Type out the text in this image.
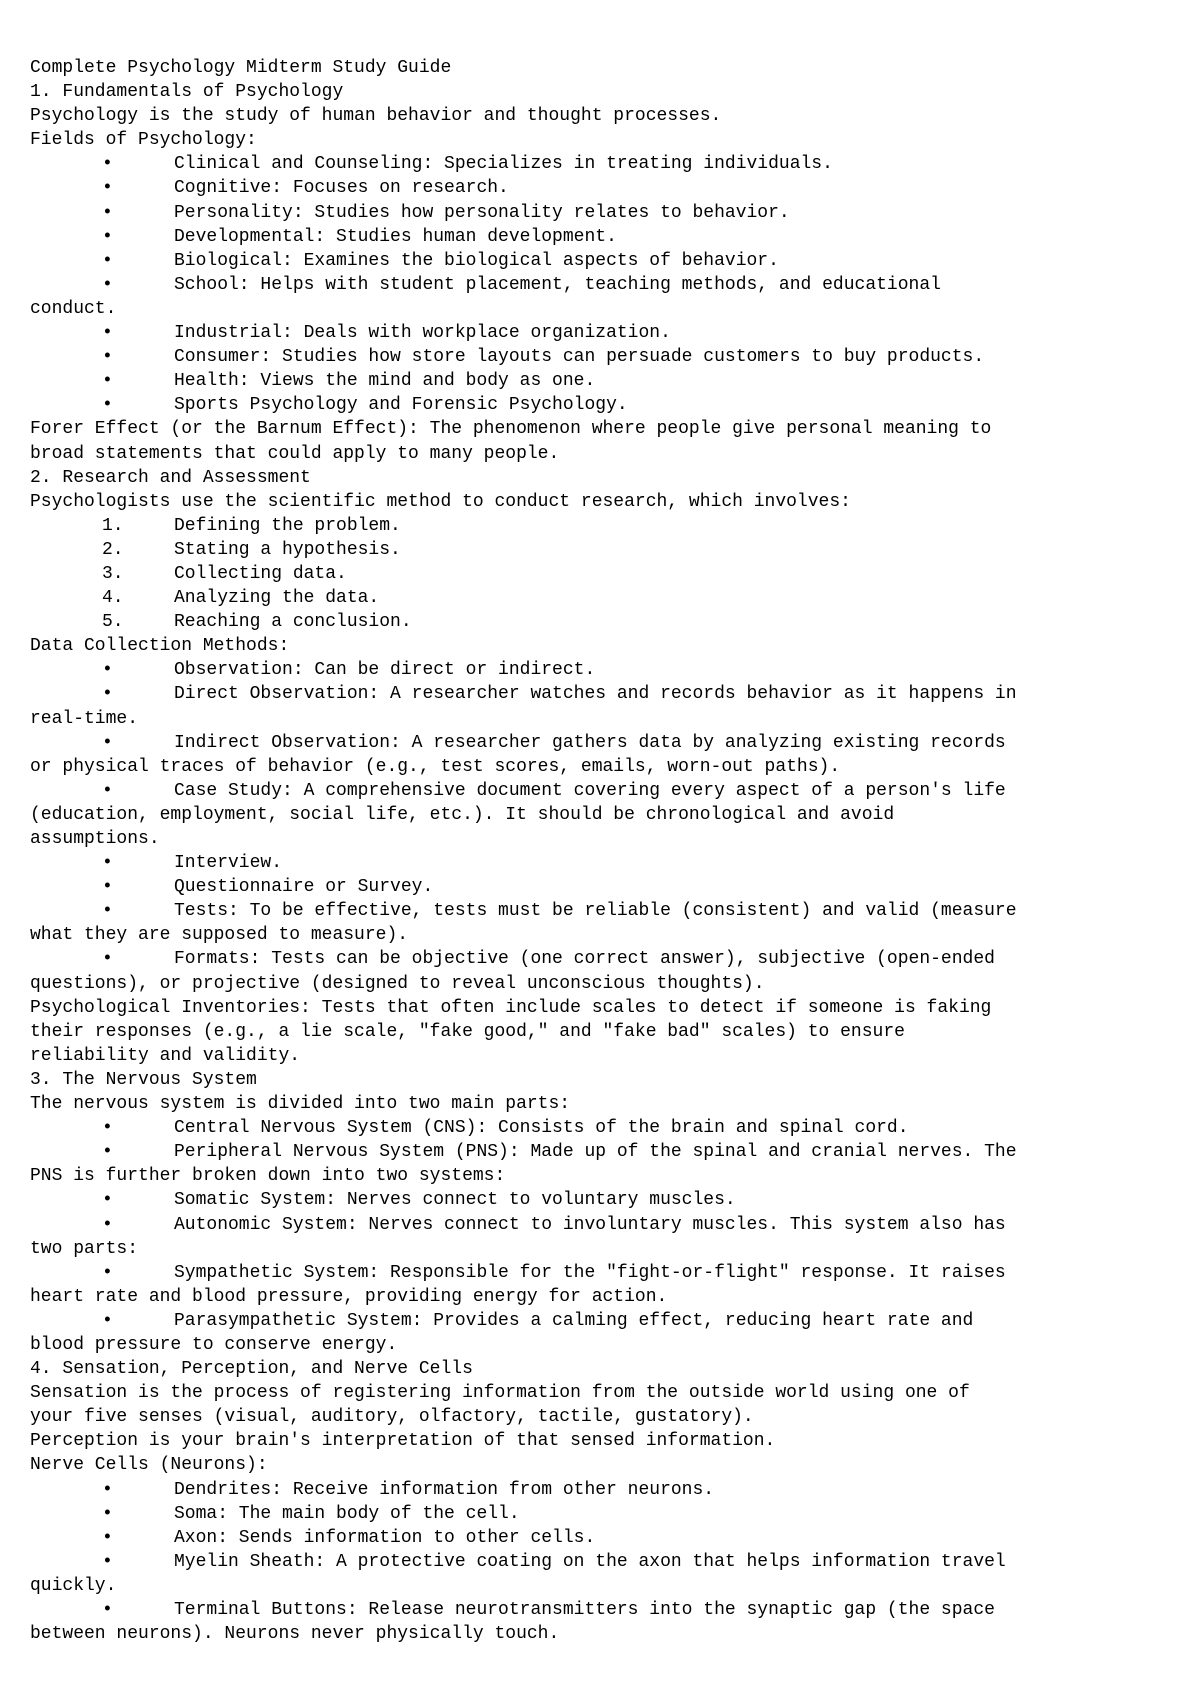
Complete Psychology Midterm Study Guide
1. Fundamentals of Psychology
Psychology is the study of human behavior and thought processes.
Fields of Psychology:
•	Clinical and Counseling: Specializes in treating individuals.
•	Cognitive: Focuses on research.
•	Personality: Studies how personality relates to behavior.
•	Developmental: Studies human development.
•	Biological: Examines the biological aspects of behavior.
•	School: Helps with student placement, teaching methods, and educational
conduct.
•	Industrial: Deals with workplace organization.
•	Consumer: Studies how store layouts can persuade customers to buy products.
•	Health: Views the mind and body as one.
•	Sports Psychology and Forensic Psychology.
Forer Effect (or the Barnum Effect): The phenomenon where people give personal meaning to
broad statements that could apply to many people.
2. Research and Assessment
Psychologists use the scientific method to conduct research, which involves:
1.	Defining the problem.
2.	Stating a hypothesis.
3.	Collecting data.
4.	Analyzing the data.
5.	Reaching a conclusion.
Data Collection Methods:
•	Observation: Can be direct or indirect.
•	Direct Observation: A researcher watches and records behavior as it happens in
real-time.
•	Indirect Observation: A researcher gathers data by analyzing existing records
or physical traces of behavior (e.g., test scores, emails, worn-out paths).
•	Case Study: A comprehensive document covering every aspect of a person's life
(education, employment, social life, etc.). It should be chronological and avoid
assumptions.
•	Interview.
•	Questionnaire or Survey.
•	Tests: To be effective, tests must be reliable (consistent) and valid (measure
what they are supposed to measure).
•	Formats: Tests can be objective (one correct answer), subjective (open-ended
questions), or projective (designed to reveal unconscious thoughts).
Psychological Inventories: Tests that often include scales to detect if someone is faking
their responses (e.g., a lie scale, "fake good," and "fake bad" scales) to ensure
reliability and validity.
3. The Nervous System
The nervous system is divided into two main parts:
•	Central Nervous System (CNS): Consists of the brain and spinal cord.
•	Peripheral Nervous System (PNS): Made up of the spinal and cranial nerves. The
PNS is further broken down into two systems:
•	Somatic System: Nerves connect to voluntary muscles.
•	Autonomic System: Nerves connect to involuntary muscles. This system also has
two parts:
•	Sympathetic System: Responsible for the "fight-or-flight" response. It raises
heart rate and blood pressure, providing energy for action.
•	Parasympathetic System: Provides a calming effect, reducing heart rate and
blood pressure to conserve energy.
4. Sensation, Perception, and Nerve Cells
Sensation is the process of registering information from the outside world using one of
your five senses (visual, auditory, olfactory, tactile, gustatory).
Perception is your brain's interpretation of that sensed information.
Nerve Cells (Neurons):
•	Dendrites: Receive information from other neurons.
•	Soma: The main body of the cell.
•	Axon: Sends information to other cells.
•	Myelin Sheath: A protective coating on the axon that helps information travel
quickly.
•	Terminal Buttons: Release neurotransmitters into the synaptic gap (the space
between neurons). Neurons never physically touch.
